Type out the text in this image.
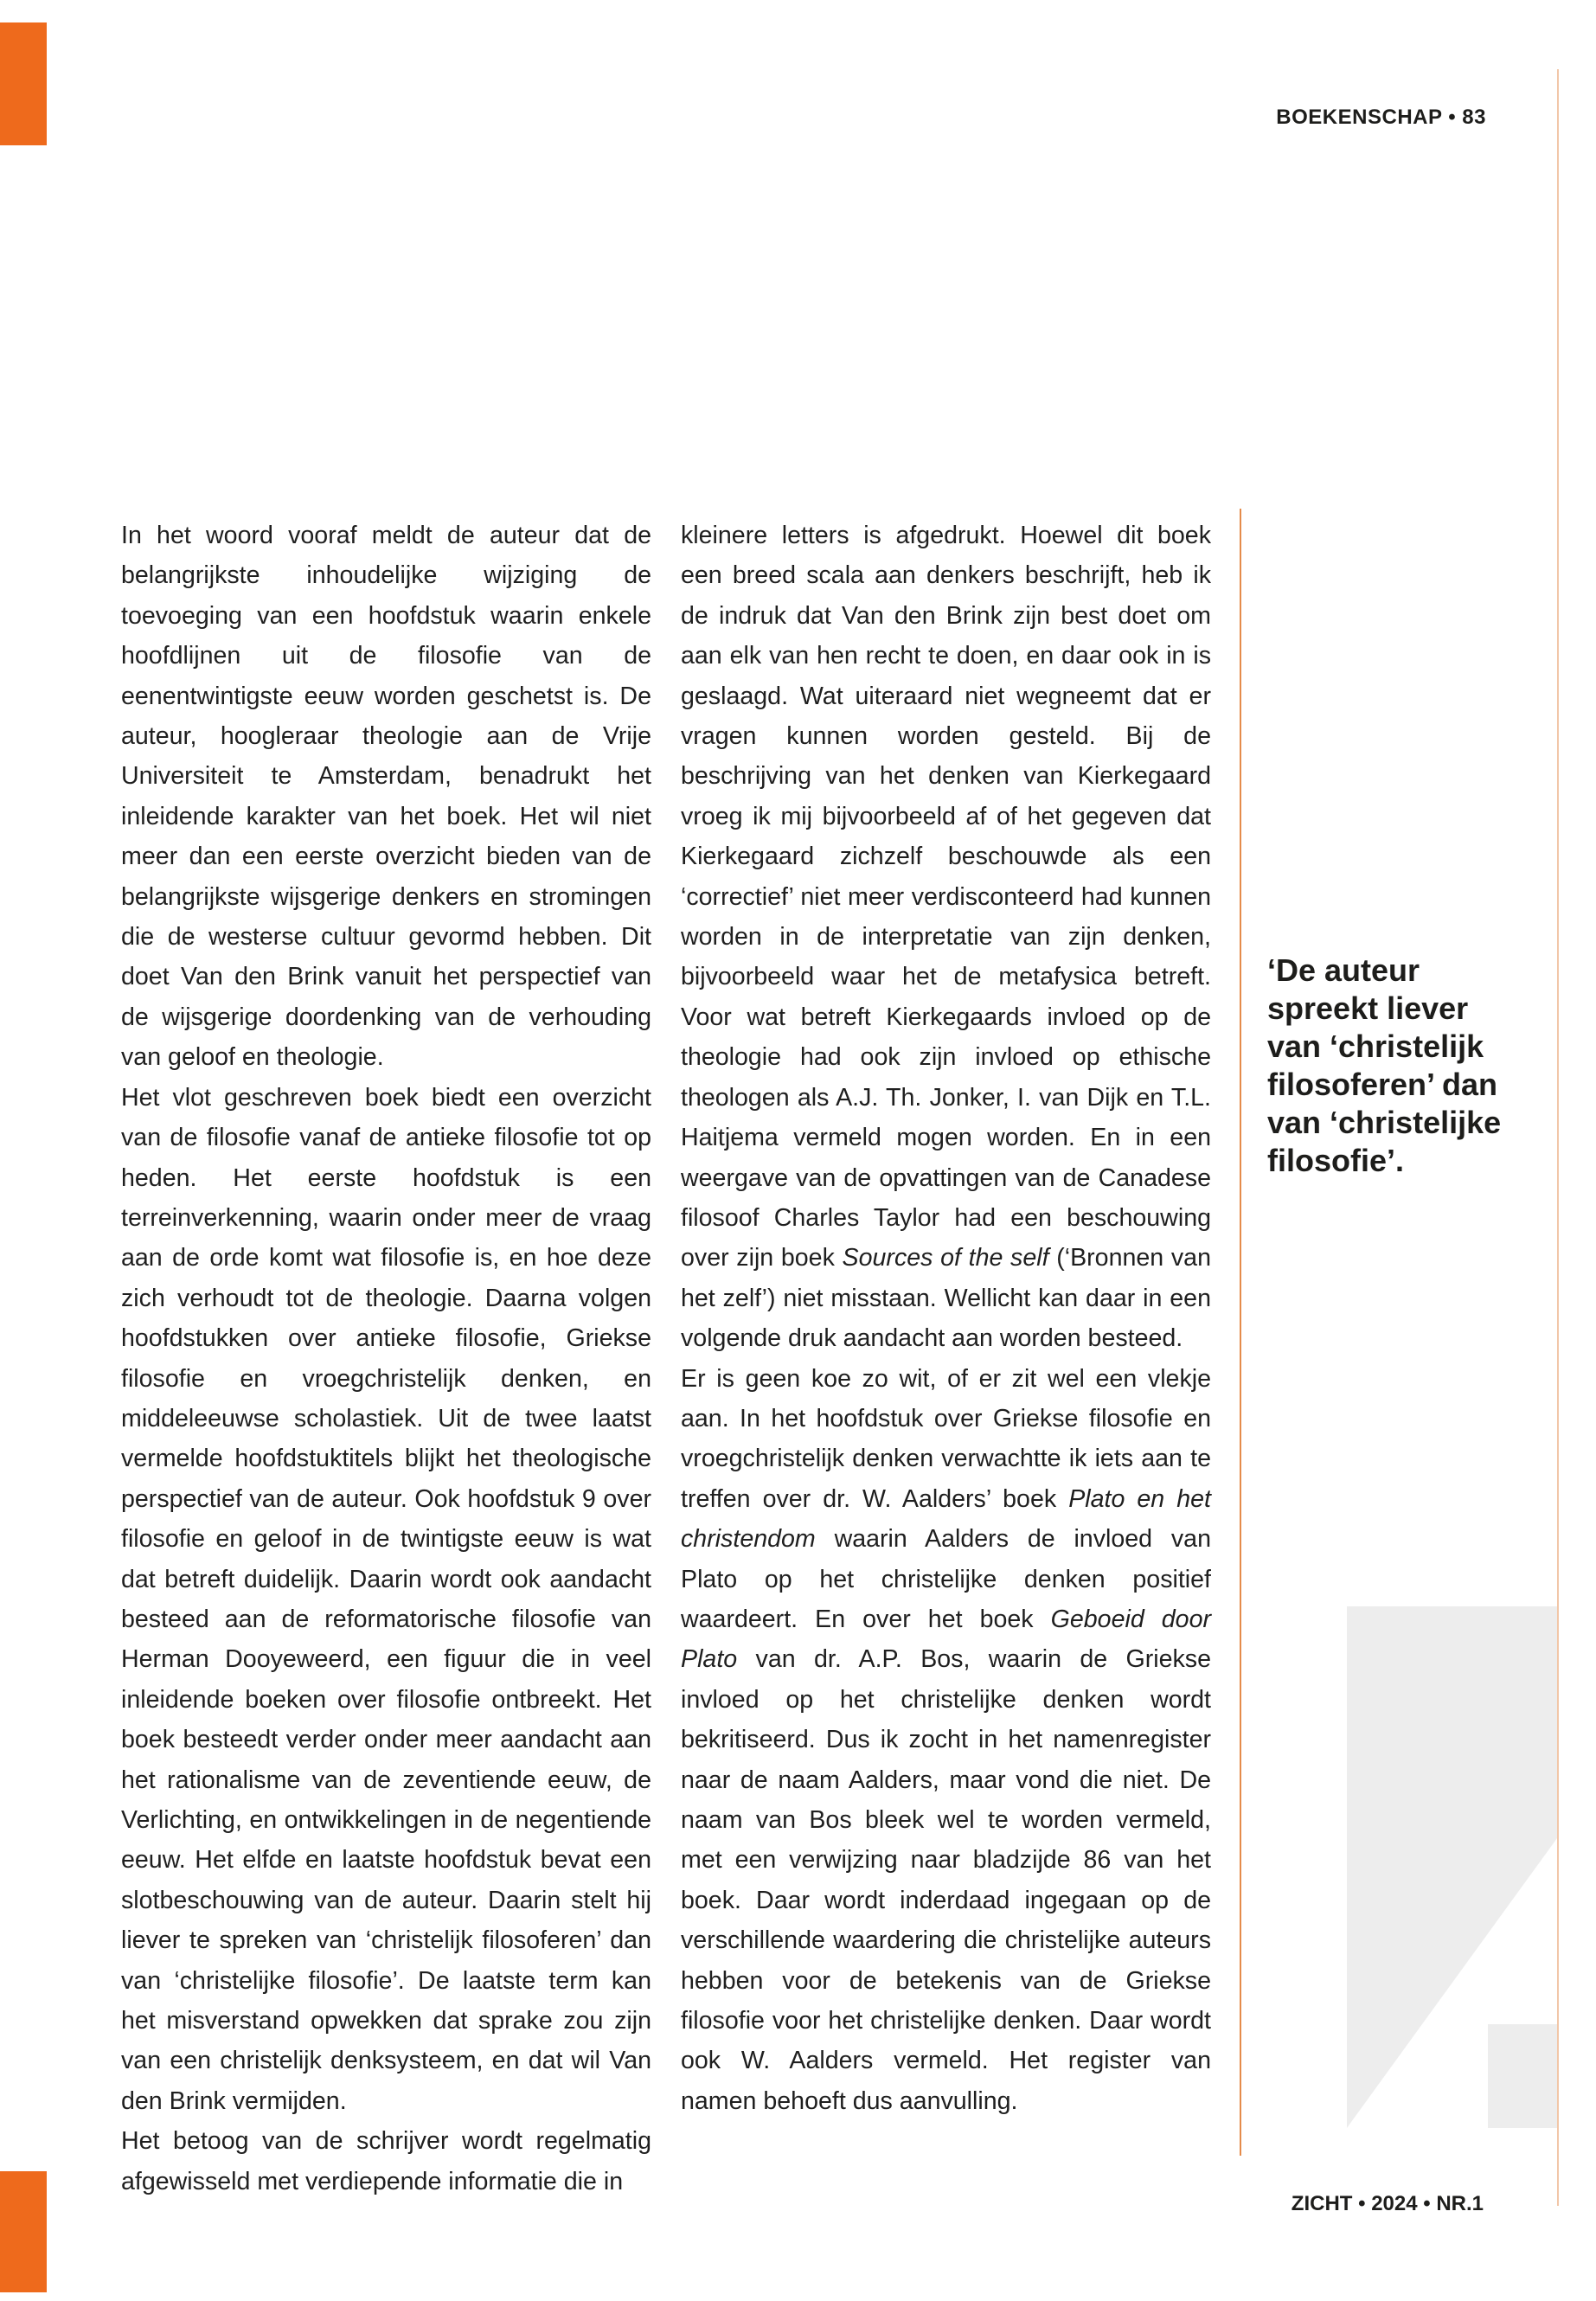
BOEKENSCHAP • 83

In het woord vooraf meldt de auteur dat de belangrijkste inhoudelijke wijziging de toevoeging van een hoofdstuk waarin enkele hoofdlijnen uit de filosofie van de eenentwintigste eeuw worden geschetst is. De auteur, hoogleraar theologie aan de Vrije Universiteit te Amsterdam, benadrukt het inleidende karakter van het boek. Het wil niet meer dan een eerste overzicht bieden van de belangrijkste wijsgerige denkers en stromingen die de westerse cultuur gevormd hebben. Dit doet Van den Brink vanuit het perspectief van de wijsgerige doordenking van de verhouding van geloof en theologie.

Het vlot geschreven boek biedt een overzicht van de filosofie vanaf de antieke filosofie tot op heden. Het eerste hoofdstuk is een terreinverkenning, waarin onder meer de vraag aan de orde komt wat filosofie is, en hoe deze zich verhoudt tot de theologie. Daarna volgen hoofdstukken over antieke filosofie, Griekse filosofie en vroegchristelijk denken, en middeleeuwse scholastiek. Uit de twee laatst vermelde hoofdstuktitels blijkt het theologische perspectief van de auteur. Ook hoofdstuk 9 over filosofie en geloof in de twintigste eeuw is wat dat betreft duidelijk. Daarin wordt ook aandacht besteed aan de reformatorische filosofie van Herman Dooyeweerd, een figuur die in veel inleidende boeken over filosofie ontbreekt. Het boek besteedt verder onder meer aandacht aan het rationalisme van de zeventiende eeuw, de Verlichting, en ontwikkelingen in de negentiende eeuw. Het elfde en laatste hoofdstuk bevat een slotbeschouwing van de auteur. Daarin stelt hij liever te spreken van ‘christelijk filosoferen’ dan van ‘christelijke filosofie’. De laatste term kan het misverstand opwekken dat sprake zou zijn van een christelijk denksysteem, en dat wil Van den Brink vermijden.

Het betoog van de schrijver wordt regelmatig afgewisseld met verdiepende informatie die in

kleinere letters is afgedrukt. Hoewel dit boek een breed scala aan denkers beschrijft, heb ik de indruk dat Van den Brink zijn best doet om aan elk van hen recht te doen, en daar ook in is geslaagd. Wat uiteraard niet wegneemt dat er vragen kunnen worden gesteld. Bij de beschrijving van het denken van Kierkegaard vroeg ik mij bijvoorbeeld af of het gegeven dat Kierkegaard zichzelf beschouwde als een ‘correctief’ niet meer verdisconteerd had kunnen worden in de interpretatie van zijn denken, bijvoorbeeld waar het de metafysica betreft. Voor wat betreft Kierkegaards invloed op de theologie had ook zijn invloed op ethische theologen als A.J. Th. Jonker, I. van Dijk en T.L. Haitjema vermeld mogen worden. En in een weergave van de opvattingen van de Canadese filosoof Charles Taylor had een beschouwing over zijn boek Sources of the self (‘Bronnen van het zelf’) niet misstaan. Wellicht kan daar in een volgende druk aandacht aan worden besteed.

Er is geen koe zo wit, of er zit wel een vlekje aan. In het hoofdstuk over Griekse filosofie en vroegchristelijk denken verwachtte ik iets aan te treffen over dr. W. Aalders’ boek Plato en het christendom waarin Aalders de invloed van Plato op het christelijke denken positief waardeert. En over het boek Geboeid door Plato van dr. A.P. Bos, waarin de Griekse invloed op het christelijke denken wordt bekritiseerd. Dus ik zocht in het namenregister naar de naam Aalders, maar vond die niet. De naam van Bos bleek wel te worden vermeld, met een verwijzing naar bladzijde 86 van het boek. Daar wordt inderdaad ingegaan op de verschillende waardering die christelijke auteurs hebben voor de betekenis van de Griekse filosofie voor het christelijke denken. Daar wordt ook W. Aalders vermeld. Het register van namen behoeft dus aanvulling.

‘De auteur spreekt liever van ‘christelijk filosoferen’ dan van ‘christelijke filosofie’.
ZICHT • 2024 • NR.1
